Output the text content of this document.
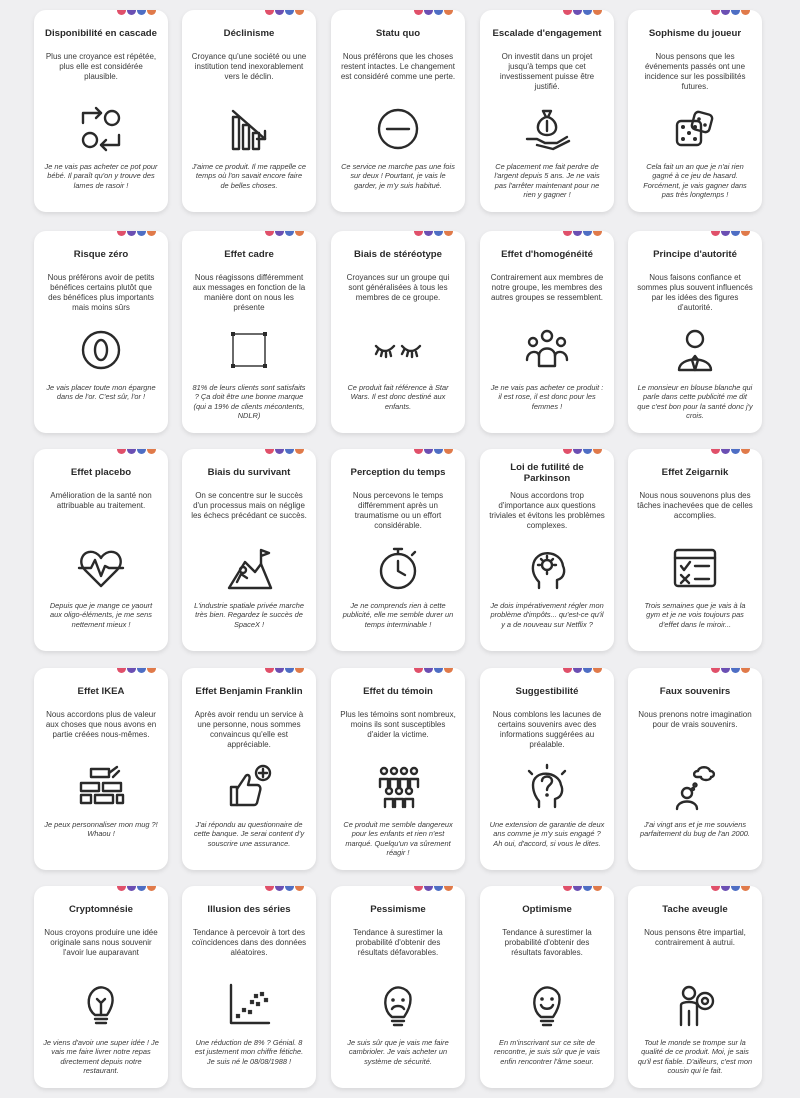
Disponibilité en cascade
Plus une croyance est répétée, plus elle est considérée plausible.
Je ne vais pas acheter ce pot pour bébé. Il paraît qu'on y trouve des lames de rasoir !
Déclinisme
Croyance qu'une société ou une institution tend inexorablement vers le déclin.
J'aime ce produit. Il me rappelle ce temps où l'on savait encore faire de belles choses.
Statu quo
Nous préférons que les choses restent intactes. Le changement est considéré comme une perte.
Ce service ne marche pas une fois sur deux ! Pourtant, je vais le garder, je m'y suis habitué.
Escalade d'engagement
On investit dans un projet jusqu'à temps que cet investissement puisse être justifié.
Ce placement me fait perdre de l'argent depuis 5 ans. Je ne vais pas l'arrêter maintenant pour ne rien y gagner !
Sophisme du joueur
Nous pensons que les événements passés ont une incidence sur les possibilités futures.
Cela fait un an que je n'ai rien gagné à ce jeu de hasard. Forcément, je vais gagner dans pas très longtemps !
Risque zéro
Nous préférons avoir de petits bénéfices certains plutôt que des bénéfices plus importants mais moins sûrs
Je vais placer toute mon épargne dans de l'or. C'est sûr, l'or !
Effet cadre
Nous réagissons différemment aux messages en fonction de la manière dont on nous les présente
81% de leurs clients sont satisfaits ? Ça doit être une bonne marque (qui a 19% de clients mécontents, NDLR)
Biais de stéréotype
Croyances sur un groupe qui sont généralisées à tous les membres de ce groupe.
Ce produit fait référence à Star Wars. Il est donc destiné aux enfants.
Effet d'homogénéité
Contrairement aux membres de notre groupe, les membres des autres groupes se ressemblent.
Je ne vais pas acheter ce produit : il est rose, il est donc pour les femmes !
Principe d'autorité
Nous faisons confiance et sommes plus souvent influencés par les idées des figures d'autorité.
Le monsieur en blouse blanche qui parle dans cette publicité me dit que c'est bon pour la santé donc j'y crois.
Effet placebo
Amélioration de la santé non attribuable au traitement.
Depuis que je mange ce yaourt aux oligo-éléments, je me sens nettement mieux !
Biais du survivant
On se concentre sur le succès d'un processus mais on néglige les échecs précédant ce succès.
L'industrie spatiale privée marche très bien. Regardez le succès de SpaceX !
Perception du temps
Nous percevons le temps différemment après un traumatisme ou un effort considérable.
Je ne comprends rien à cette publicité, elle me semble durer un temps interminable !
Loi de futilité de Parkinson
Nous accordons trop d'importance aux questions triviales et évitons les problèmes complexes.
Je dois impérativement régler mon problème d'impôts... qu'est-ce qu'il y a de nouveau sur Netflix ?
Effet Zeigarnik
Nous nous souvenons plus des tâches inachevées que de celles accomplies.
Trois semaines que je vais à la gym et je ne vois toujours pas d'effet dans le miroir...
Effet IKEA
Nous accordons plus de valeur aux choses que nous avons en partie créées nous-mêmes.
Je peux personnaliser mon mug ?! Whaou !
Effet Benjamin Franklin
Après avoir rendu un service à une personne, nous sommes convaincus qu'elle est appréciable.
J'ai répondu au questionnaire de cette banque. Je serai content d'y souscrire une assurance.
Effet du témoin
Plus les témoins sont nombreux, moins ils sont susceptibles d'aider la victime.
Ce produit me semble dangereux pour les enfants et rien n'est marqué. Quelqu'un va sûrement réagir !
Suggestibilité
Nous comblons les lacunes de certains souvenirs avec des informations suggérées au préalable.
Une extension de garantie de deux ans comme je m'y suis engagé ? Ah oui, d'accord, si vous le dites.
Faux souvenirs
Nous prenons notre imagination pour de vrais souvenirs.
J'ai vingt ans et je me souviens parfaitement du bug de l'an 2000.
Cryptomnésie
Nous croyons produire une idée originale sans nous souvenir l'avoir lue auparavant
Je viens d'avoir une super idée ! Je vais me faire livrer notre repas directement depuis notre restaurant.
Illusion des séries
Tendance à percevoir à tort des coïncidences dans des données aléatoires.
Une réduction de 8% ? Génial. 8 est justement mon chiffre fétiche. Je suis né le 08/08/1988 !
Pessimisme
Tendance à surestimer la probabilité d'obtenir des résultats défavorables.
Je suis sûr que je vais me faire cambrioler. Je vais acheter un système de sécurité.
Optimisme
Tendance à surestimer la probabilité d'obtenir des résultats favorables.
En m'inscrivant sur ce site de rencontre, je suis sûr que je vais enfin rencontrer l'âme soeur.
Tache aveugle
Nous pensons être impartial, contrairement à autrui.
Tout le monde se trompe sur la qualité de ce produit. Moi, je sais qu'il est fiable. D'ailleurs, c'est mon cousin qui le fait.
